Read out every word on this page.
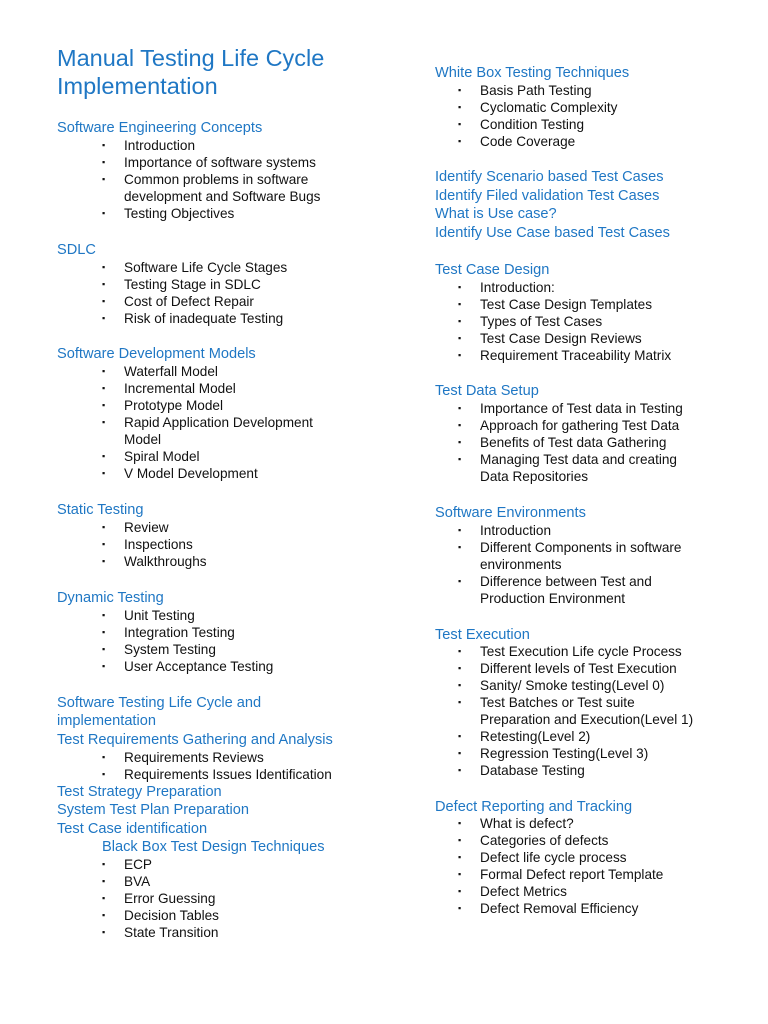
Manual Testing Life Cycle
Implementation
Software Engineering Concepts
▪ Introduction
▪ Importance of software systems
▪ Common problems in software
development and Software Bugs
▪ Testing Objectives
SDLC
▪ Software Life Cycle Stages
▪ Testing Stage in SDLC
▪ Cost of Defect Repair
▪ Risk of inadequate Testing
Software Development Models
▪ Waterfall Model
▪ Incremental Model
▪ Prototype Model
▪ Rapid Application Development
Model
▪ Spiral Model
▪ V Model Development
Static Testing
▪ Review
▪ Inspections
▪ Walkthroughs
Dynamic Testing
▪ Unit Testing
▪ Integration Testing
▪ System Testing
▪ User Acceptance Testing
Software Testing Life Cycle and
implementation
Test Requirements Gathering and Analysis
▪ Requirements Reviews
▪ Requirements Issues Identification
Test Strategy Preparation
System Test Plan Preparation
Test Case identification
Black Box Test Design Techniques
▪ ECP
▪ BVA
▪ Error Guessing
▪ Decision Tables
▪ State Transition
White Box Testing Techniques
▪ Basis Path Testing
▪ Cyclomatic Complexity
▪ Condition Testing
▪ Code Coverage
Identify Scenario based Test Cases
Identify Filed validation Test Cases
What is Use case?
Identify Use Case based Test Cases
Test Case Design
▪ Introduction:
▪ Test Case Design Templates
▪ Types of Test Cases
▪ Test Case Design Reviews
▪ Requirement Traceability Matrix
Test Data Setup
▪ Importance of Test data in Testing
▪ Approach for gathering Test Data
▪ Benefits of Test data Gathering
▪ Managing Test data and creating
Data Repositories
Software Environments
▪ Introduction
▪ Different Components in software
environments
▪ Difference between Test and
Production Environment
Test Execution
▪ Test Execution Life cycle Process
▪ Different levels of Test Execution
▪ Sanity/ Smoke testing(Level 0)
▪ Test Batches or Test suite
Preparation and Execution(Level 1)
▪ Retesting(Level 2)
▪ Regression Testing(Level 3)
▪ Database Testing
Defect Reporting and Tracking
▪ What is defect?
▪ Categories of defects
▪ Defect life cycle process
▪ Formal Defect report Template
▪ Defect Metrics
▪ Defect Removal Efficiency
